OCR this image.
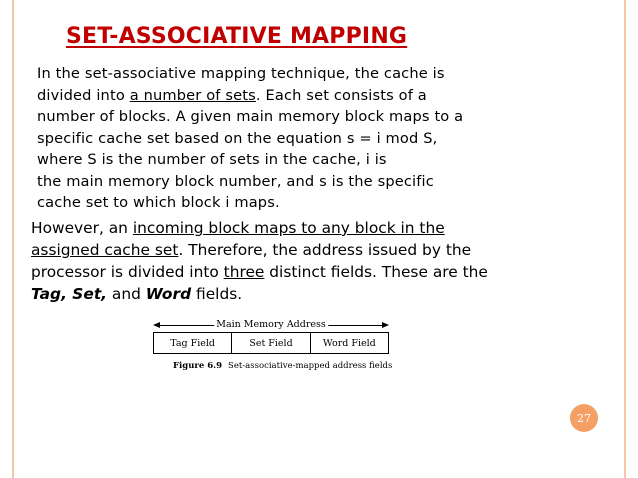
SET-ASSOCIATIVE MAPPING
In the set-associative mapping technique, the cache is
divided into a number of sets. Each set consists of a
number of blocks. A given main memory block maps to a
specific cache set based on the equation s = i mod S,
where S is the number of sets in the cache, i is
the main memory block number, and s is the specific
cache set to which block i maps.
However, an incoming block maps to any block in the
assigned cache set. Therefore, the address issued by the
processor is divided into three distinct fields. These are the
Tag, Set, and Word fields.
Main Memory Address
Tag Field	Set Field	Word Field
Figure 6.9 Set-associative-mapped address fields
27
